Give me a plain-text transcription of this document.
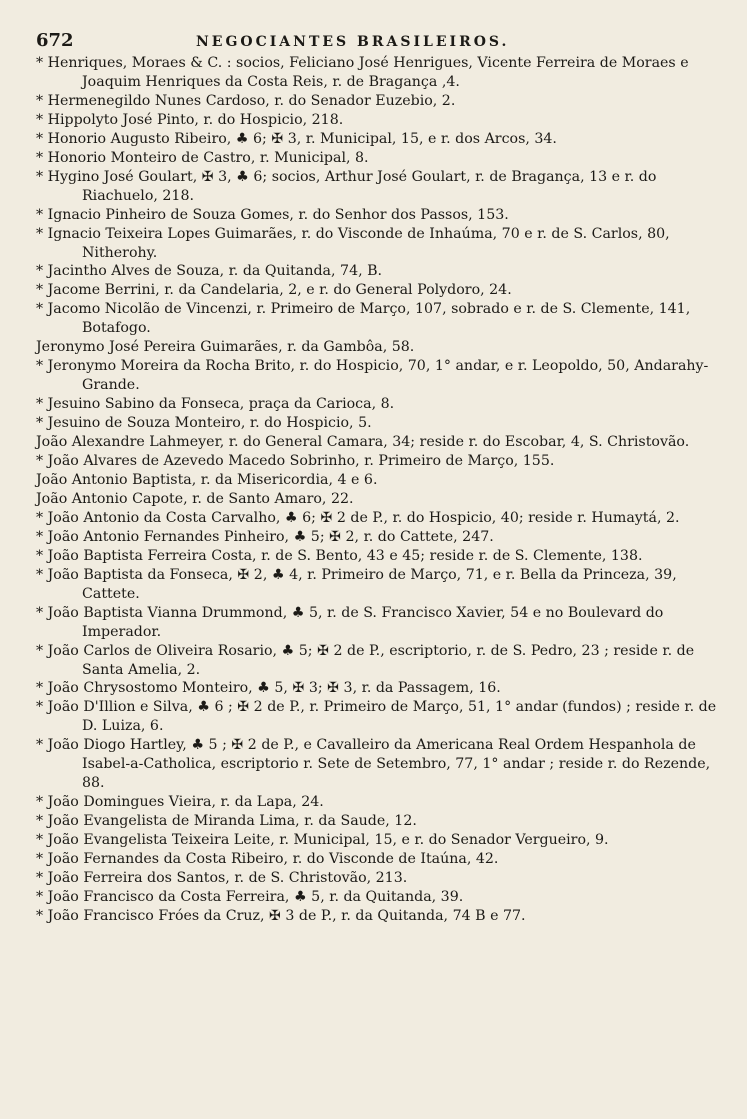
672	NEGOCIANTES BRASILEIROS.
* Henriques, Moraes & C. : socios, Feliciano José Henrigues, Vicente Ferreira de Moraes e Joaquim Henriques da Costa Reis, r. de Bragança ,4.
* Hermenegildo Nunes Cardoso, r. do Senador Euzebio, 2.
* Hippolyto José Pinto, r. do Hospicio, 218.
* Honorio Augusto Ribeiro, ♣ 6; ✠ 3, r. Municipal, 15, e r. dos Arcos, 34.
* Honorio Monteiro de Castro, r. Municipal, 8.
* Hygino José Goulart, ✠ 3, ♣ 6; socios, Arthur José Goulart, r. de Bragança, 13 e r. do Riachuelo, 218.
* Ignacio Pinheiro de Souza Gomes, r. do Senhor dos Passos, 153.
* Ignacio Teixeira Lopes Guimarães, r. do Visconde de Inhaúma, 70 e r. de S. Carlos, 80, Nitherohy.
* Jacintho Alves de Souza, r. da Quitanda, 74, B.
* Jacome Berrini, r. da Candelaria, 2, e r. do General Polydoro, 24.
* Jacomo Nicolão de Vincenzi, r. Primeiro de Março, 107, sobrado e r. de S. Clemente, 141, Botafogo.
Jeronymo José Pereira Guimarães, r. da Gambôa, 58.
* Jeronymo Moreira da Rocha Brito, r. do Hospicio, 70, 1° andar, e r. Leopoldo, 50, Andarahy-Grande.
* Jesuino Sabino da Fonseca, praça da Carioca, 8.
* Jesuino de Souza Monteiro, r. do Hospicio, 5.
João Alexandre Lahmeyer, r. do General Camara, 34; reside r. do Escobar, 4, S. Christovão.
* João Alvares de Azevedo Macedo Sobrinho, r. Primeiro de Março, 155.
João Antonio Baptista, r. da Misericordia, 4 e 6.
João Antonio Capote, r. de Santo Amaro, 22.
* João Antonio da Costa Carvalho, ♣ 6; ✠ 2 de P., r. do Hospicio, 40; reside r. Humaytá, 2.
* João Antonio Fernandes Pinheiro, ♣ 5; ✠ 2, r. do Cattete, 247.
* João Baptista Ferreira Costa, r. de S. Bento, 43 e 45; reside r. de S. Clemente, 138.
* João Baptista da Fonseca, ✠ 2, ♣ 4, r. Primeiro de Março, 71, e r. Bella da Princeza, 39, Cattete.
* João Baptista Vianna Drummond, ♣ 5, r. de S. Francisco Xavier, 54 e no Boulevard do Imperador.
* João Carlos de Oliveira Rosario, ♣ 5; ✠ 2 de P., escriptorio, r. de S. Pedro, 23 ; reside r. de Santa Amelia, 2.
* João Chrysostomo Monteiro, ♣ 5, ✠ 3; ✠ 3, r. da Passagem, 16.
* João D'Illion e Silva, ♣ 6 ; ✠ 2 de P., r. Primeiro de Março, 51, 1° andar (fundos) ; reside r. de D. Luiza, 6.
* João Diogo Hartley, ♣ 5 ; ✠ 2 de P., e Cavalleiro da Americana Real Ordem Hespanhola de Isabel-a-Catholica, escriptorio r. Sete de Setembro, 77, 1° andar ; reside r. do Rezende, 88.
* João Domingues Vieira, r. da Lapa, 24.
* João Evangelista de Miranda Lima, r. da Saude, 12.
* João Evangelista Teixeira Leite, r. Municipal, 15, e r. do Senador Vergueiro, 9.
* João Fernandes da Costa Ribeiro, r. do Visconde de Itaúna, 42.
* João Ferreira dos Santos, r. de S. Christovão, 213.
* João Francisco da Costa Ferreira, ♣ 5, r. da Quitanda, 39.
* João Francisco Fróes da Cruz, ✠ 3 de P., r. da Quitanda, 74 B e 77.
